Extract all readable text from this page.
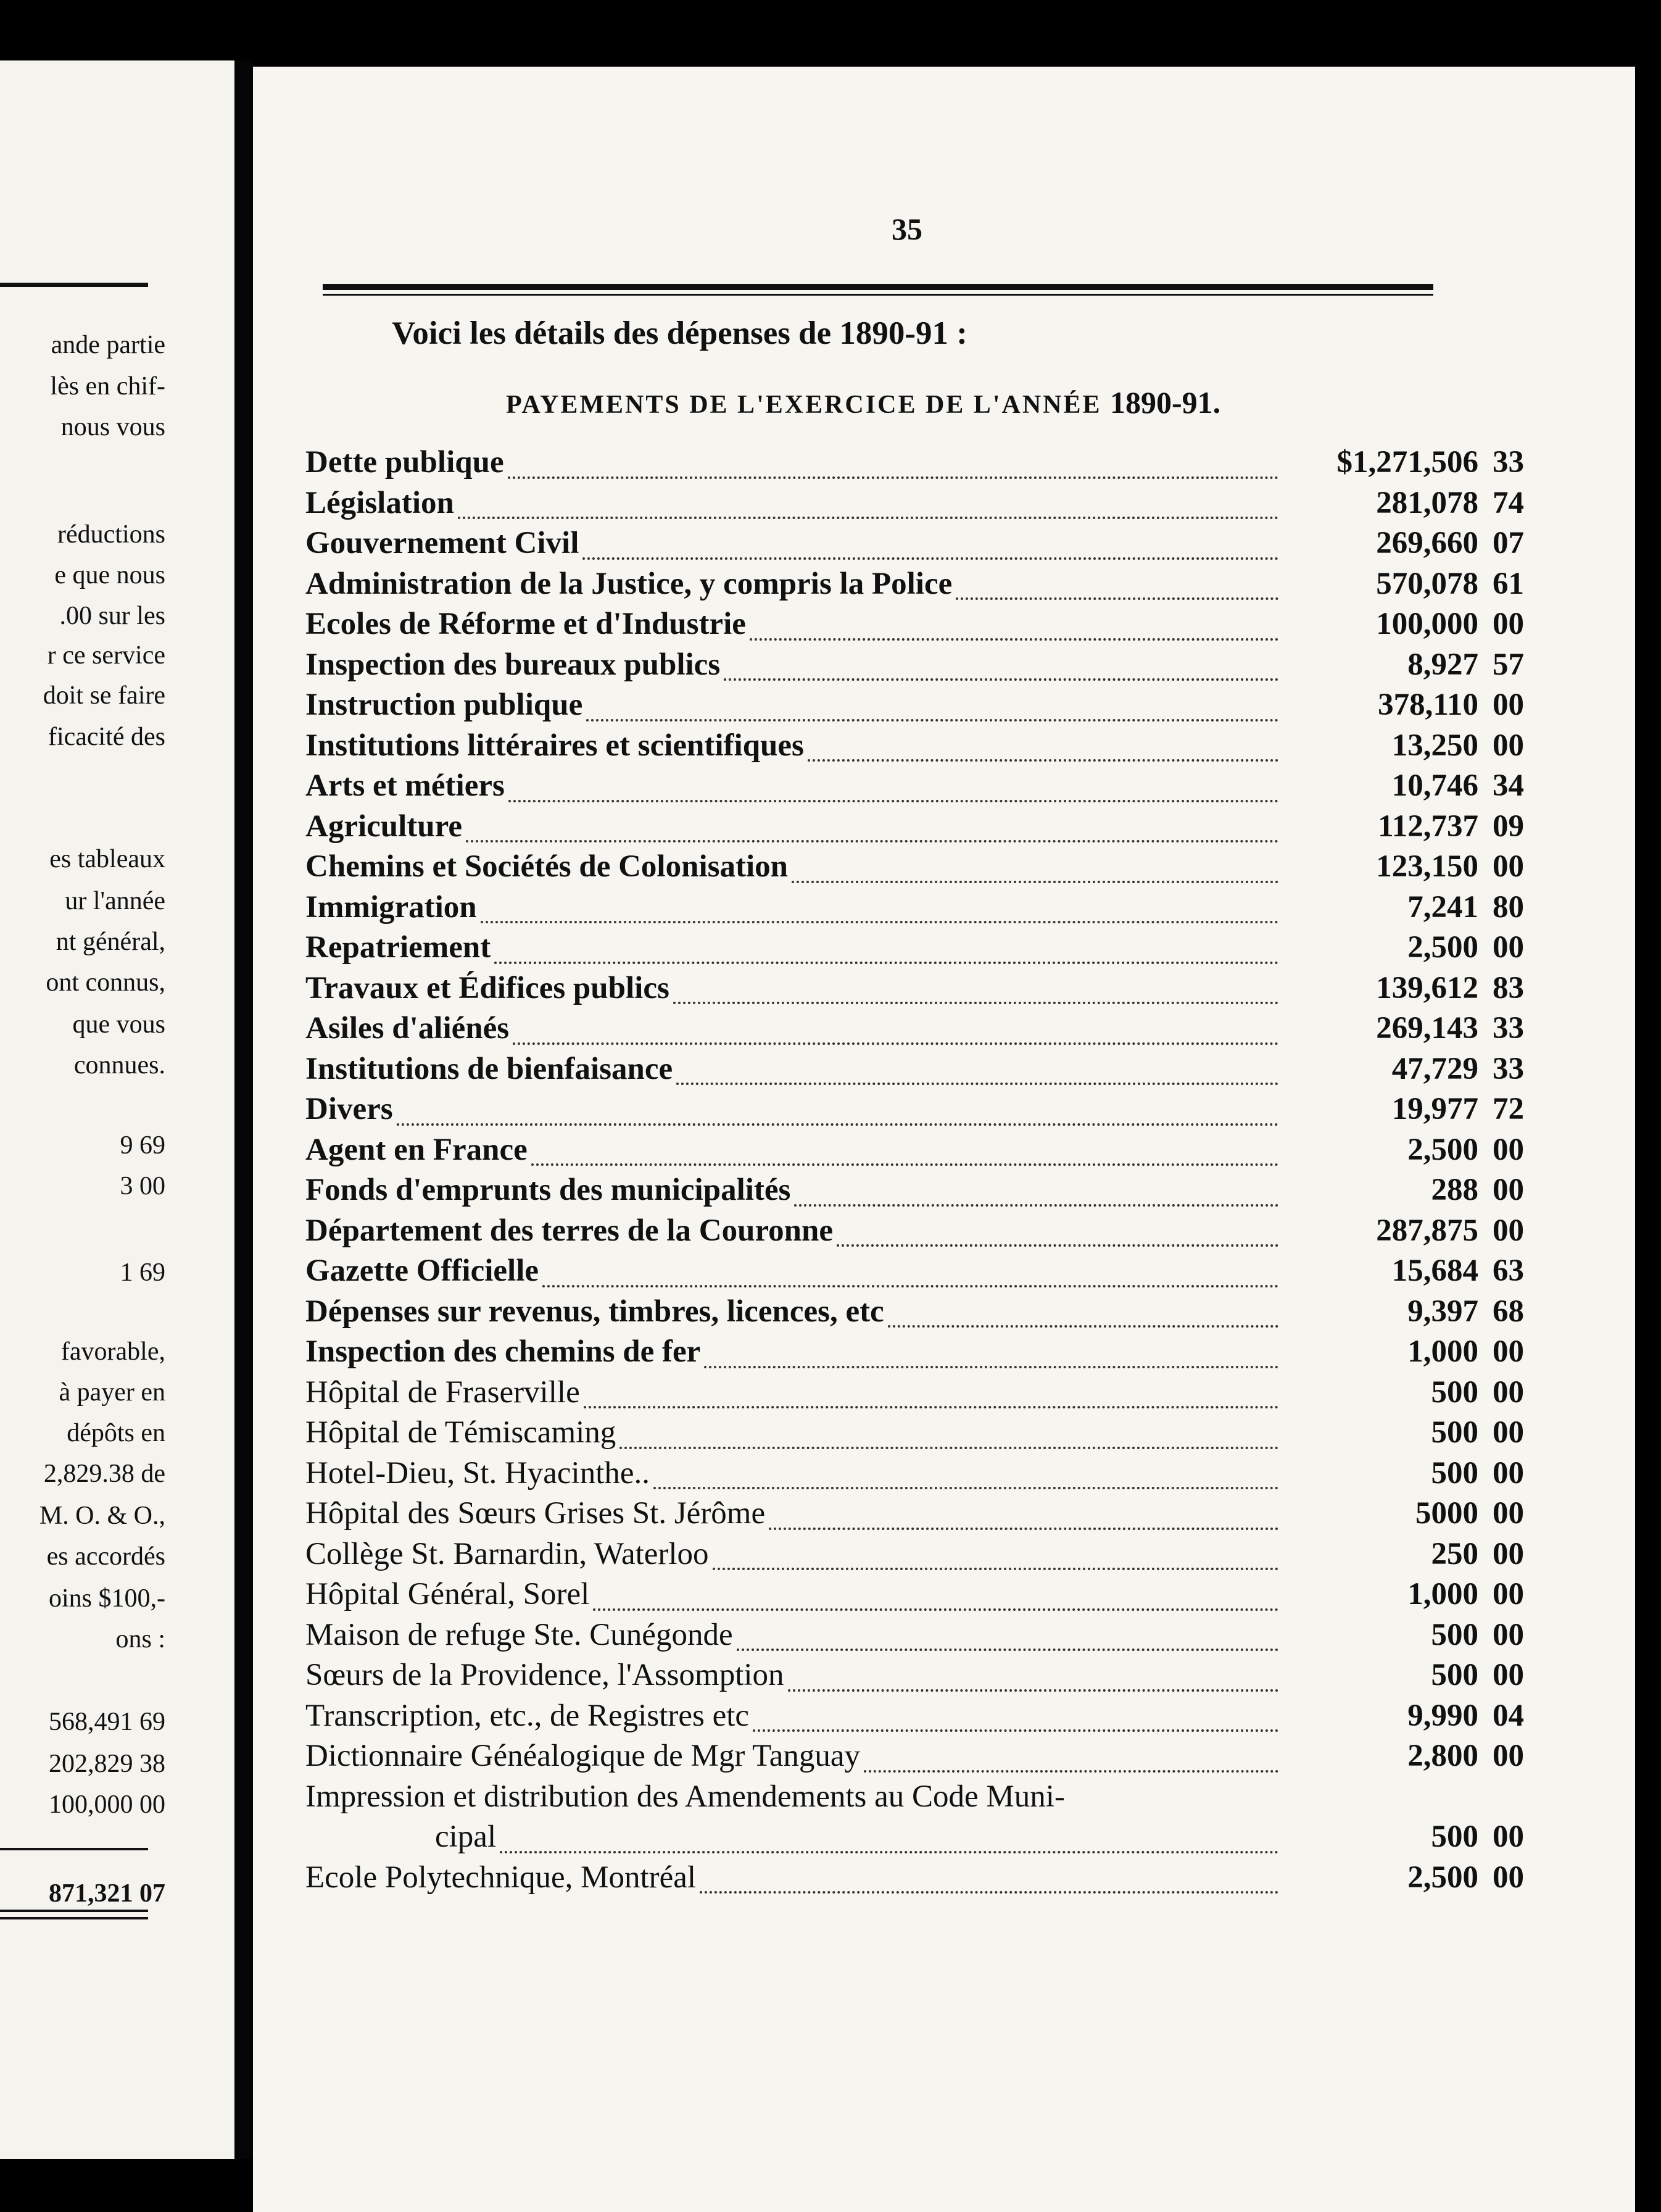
ande partie
lès en chif-
nous vous
réductions
e que nous
.00 sur les
r ce service
doit se faire
ficacité des
es tableaux
ur l'année
nt général,
ont connus,
que vous
connues.
9 69
3 00
1 69
favorable,
à payer en
dépôts en
2,829.38 de
M. O. & O.,
es accordés
oins $100,-
ons :
568,491 69
202,829 38
100,000 00
871,321 07
35
Voici les détails des dépenses de 1890-91 :
PAYEMENTS DE L'EXERCICE DE L'ANNÉE 1890-91.
Dette publique	$1,271,506 33
Législation	281,078 74
Gouvernement Civil	269,660 07
Administration de la Justice, y compris la Police	570,078 61
Ecoles de Réforme et d'Industrie	100,000 00
Inspection des bureaux publics	8,927 57
Instruction publique	378,110 00
Institutions littéraires et scientifiques	13,250 00
Arts et métiers	10,746 34
Agriculture	112,737 09
Chemins et Sociétés de Colonisation	123,150 00
Immigration	7,241 80
Repatriement	2,500 00
Travaux et Édifices publics	139,612 83
Asiles d'aliénés	269,143 33
Institutions de bienfaisance	47,729 33
Divers	19,977 72
Agent en France	2,500 00
Fonds d'emprunts des municipalités	288 00
Département des terres de la Couronne	287,875 00
Gazette Officielle	15,684 63
Dépenses sur revenus, timbres, licences, etc	9,397 68
Inspection des chemins de fer	1,000 00
Hôpital de Fraserville	500 00
Hôpital de Témiscaming	500 00
Hotel-Dieu, St. Hyacinthe..	500 00
Hôpital des Sœurs Grises St. Jérôme	5000 00
Collège St. Barnardin, Waterloo	250 00
Hôpital Général, Sorel	1,000 00
Maison de refuge Ste. Cunégonde	500 00
Sœurs de la Providence, l'Assomption	500 00
Transcription, etc., de Registres etc	9,990 04
Dictionnaire Généalogique de Mgr Tanguay	2,800 00
Impression et distribution des Amendements au Code Muni-
cipal	500 00
Ecole Polytechnique, Montréal	2,500 00
